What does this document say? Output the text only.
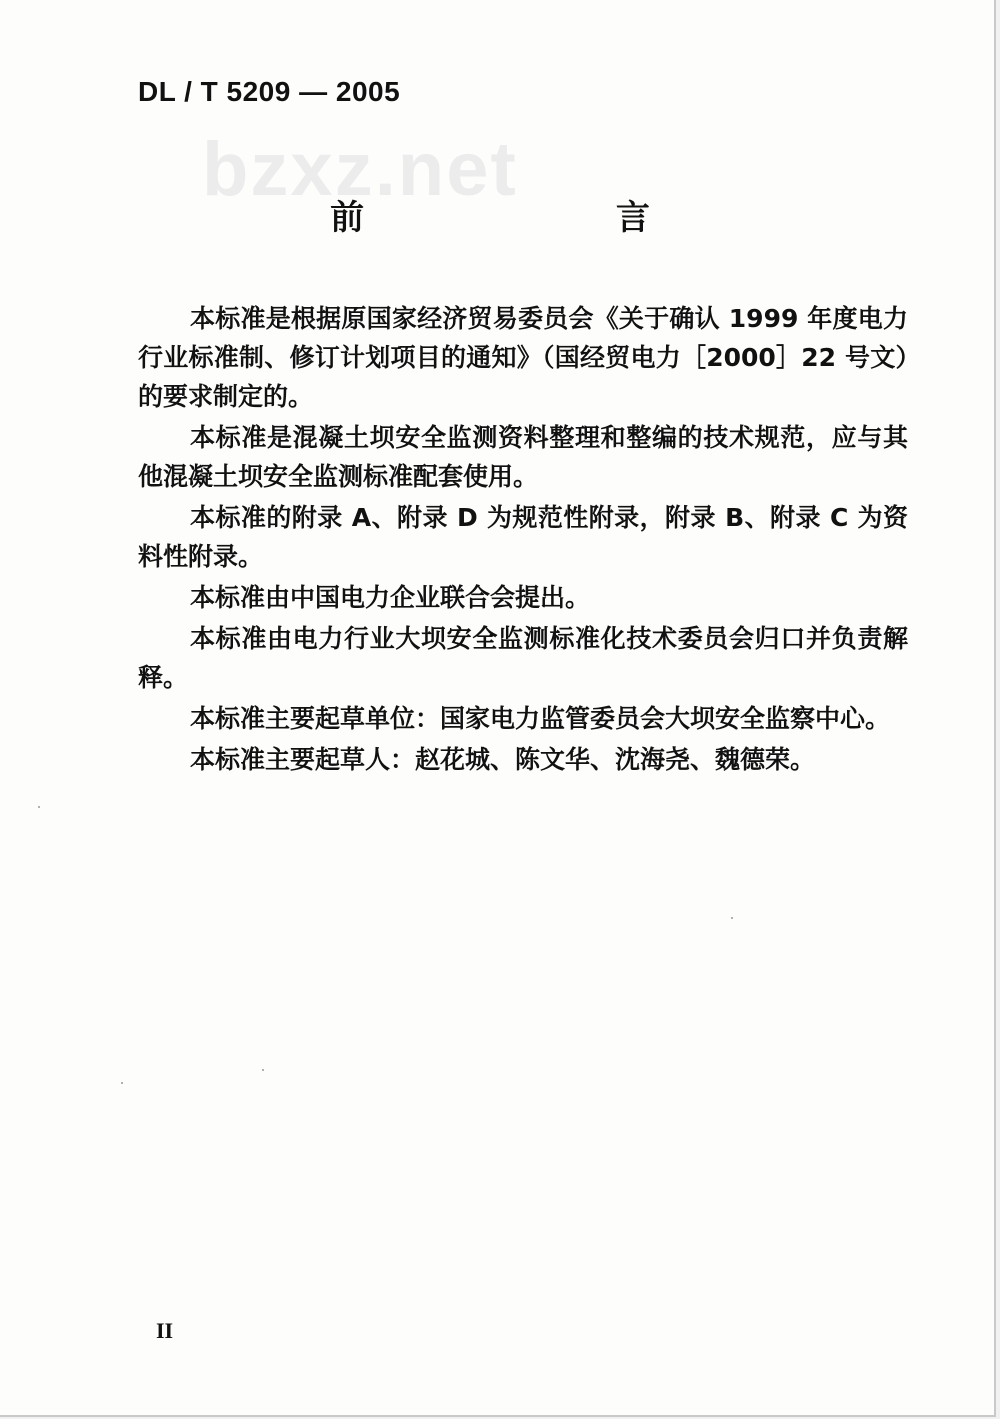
DL / T 5209 — 2005
bzxz.net
前 言

本标准是根据原国家经济贸易委员会《关于确认 1999 年度电力行业标准制、修订计划项目的通知》（国经贸电力［2000］22 号文）的要求制定的。

本标准是混凝土坝安全监测资料整理和整编的技术规范，应与其他混凝土坝安全监测标准配套使用。

本标准的附录 A、附录 D 为规范性附录，附录 B、附录 C 为资料性附录。

本标准由中国电力企业联合会提出。

本标准由电力行业大坝安全监测标准化技术委员会归口并负责解释。

本标准主要起草单位：国家电力监管委员会大坝安全监察中心。

本标准主要起草人：赵花城、陈文华、沈海尧、魏德荣。

II
